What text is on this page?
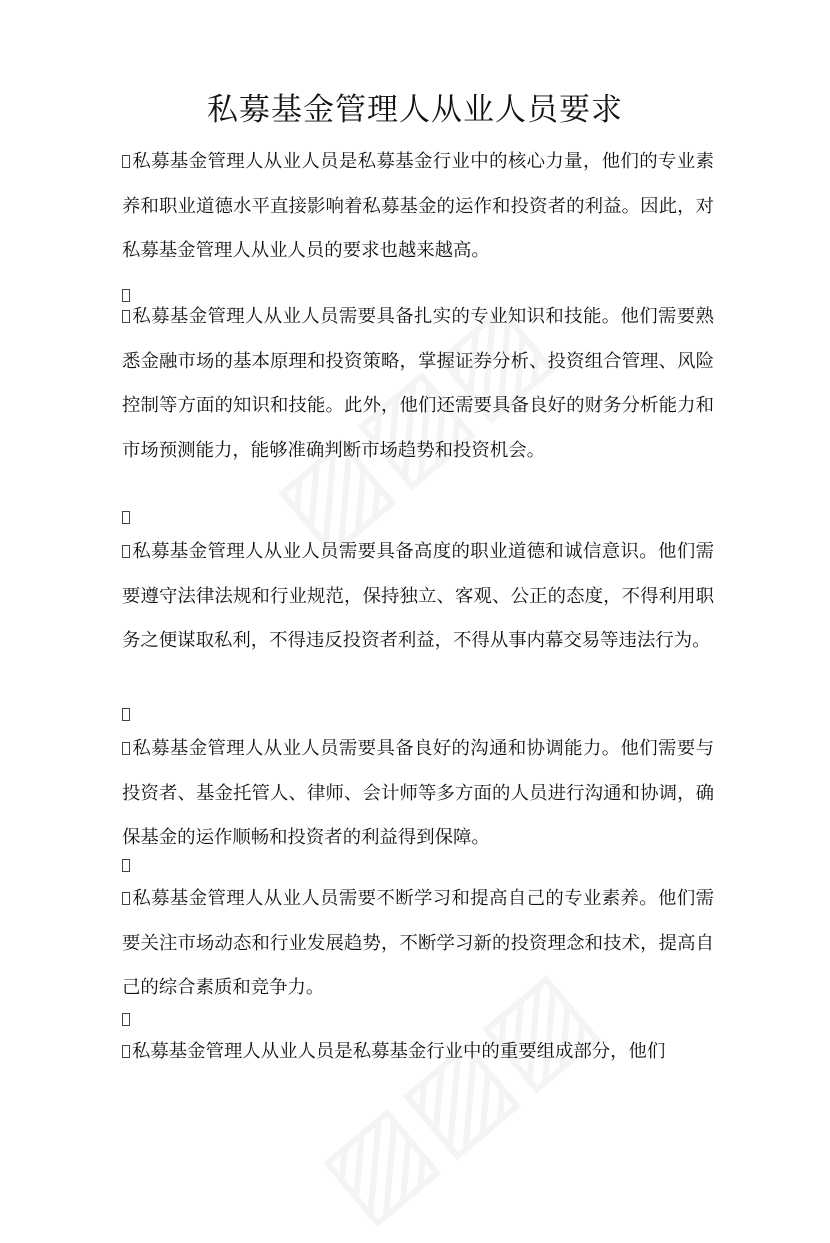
私募基金管理人从业人员要求
私募基金管理人从业人员是私募基金行业中的核心力量，他们的专业素养和职业道德水平直接影响着私募基金的运作和投资者的利益。因此，对私募基金管理人从业人员的要求也越来越高。
私募基金管理人从业人员需要具备扎实的专业知识和技能。他们需要熟悉金融市场的基本原理和投资策略，掌握证券分析、投资组合管理、风险控制等方面的知识和技能。此外，他们还需要具备良好的财务分析能力和市场预测能力，能够准确判断市场趋势和投资机会。
私募基金管理人从业人员需要具备高度的职业道德和诚信意识。他们需要遵守法律法规和行业规范，保持独立、客观、公正的态度，不得利用职务之便谋取私利，不得违反投资者利益，不得从事内幕交易等违法行为。
私募基金管理人从业人员需要具备良好的沟通和协调能力。他们需要与投资者、基金托管人、律师、会计师等多方面的人员进行沟通和协调，确保基金的运作顺畅和投资者的利益得到保障。
私募基金管理人从业人员需要不断学习和提高自己的专业素养。他们需要关注市场动态和行业发展趋势，不断学习新的投资理念和技术，提高自己的综合素质和竞争力。
私募基金管理人从业人员是私募基金行业中的重要组成部分，他们
